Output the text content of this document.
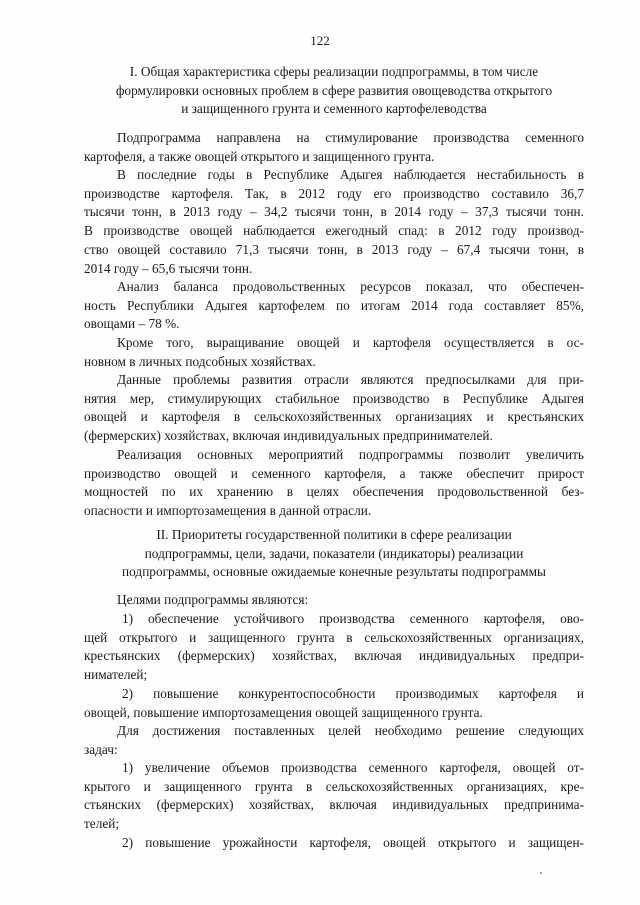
122
I. Общая характеристика сферы реализации подпрограммы, в том числе
формулировки основных проблем в сфере развития овощеводства открытого
и защищенного грунта и семенного картофелеводства
Подпрограмма направлена на стимулирование производства семенного
картофеля, а также овощей открытого и защищенного грунта.
В последние годы в Республике Адыгея наблюдается нестабильность в
производстве картофеля. Так, в 2012 году его производство составило 36,7
тысячи тонн, в 2013 году – 34,2 тысячи тонн, в 2014 году – 37,3 тысячи тонн.
В производстве овощей наблюдается ежегодный спад: в 2012 году производ-
ство овощей составило 71,3 тысячи тонн, в 2013 году – 67,4 тысячи тонн, в
2014 году – 65,6 тысячи тонн.
Анализ баланса продовольственных ресурсов показал, что обеспечен-
ность Республики Адыгея картофелем по итогам 2014 года составляет 85%,
овощами – 78 %.
Кроме того, выращивание овощей и картофеля осуществляется в ос-
новном в личных подсобных хозяйствах.
Данные проблемы развития отрасли являются предпосылками для при-
нятия мер, стимулирующих стабильное производство в Республике Адыгея
овощей и картофеля в сельскохозяйственных организациях и крестьянских
(фермерских) хозяйствах, включая индивидуальных предпринимателей.
Реализация основных мероприятий подпрограммы позволит увеличить
производство овощей и семенного картофеля, а также обеспечит прирост
мощностей по их хранению в целях обеспечения продовольственной без-
опасности и импортозамещения в данной отрасли.
II. Приоритеты государственной политики в сфере реализации
подпрограммы, цели, задачи, показатели (индикаторы) реализации
подпрограммы, основные ожидаемые конечные результаты подпрограммы
Целями подпрограммы являются:
1) обеспечение устойчивого производства семенного картофеля, ово-
щей открытого и защищенного грунта в сельскохозяйственных организациях,
крестьянских (фермерских) хозяйствах, включая индивидуальных предпри-
нимателей;
2) повышение конкурентоспособности производимых картофеля и
овощей, повышение импортозамещения овощей защищенного грунта.
Для достижения поставленных целей необходимо решение следующих
задач:
1) увеличение объемов производства семенного картофеля, овощей от-
крытого и защищенного грунта в сельскохозяйственных организациях, кре-
стьянских (фермерских) хозяйствах, включая индивидуальных предпринима-
телей;
2) повышение урожайности картофеля, овощей открытого и защищен-
